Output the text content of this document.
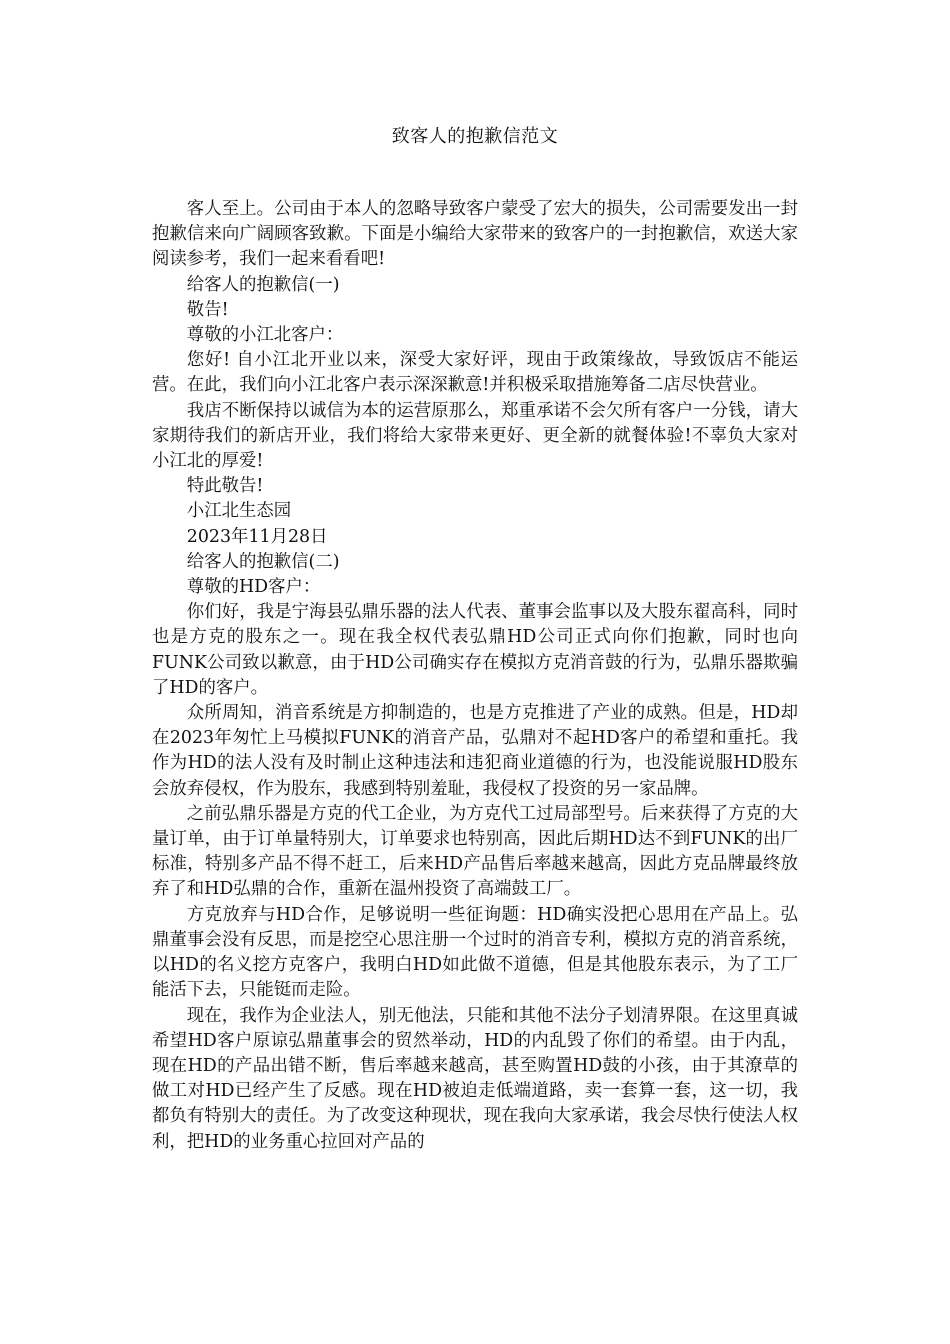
致客人的抱歉信范文

客人至上。公司由于本人的忽略导致客户蒙受了宏大的损失，公司需要发出一封抱歉信来向广阔顾客致歉。下面是小编给大家带来的致客户的一封抱歉信，欢送大家阅读参考，我们一起来看看吧!

给客人的抱歉信(一)

敬告!

尊敬的小江北客户：

您好! 自小江北开业以来，深受大家好评，现由于政策缘故，导致饭店不能运营。在此，我们向小江北客户表示深深歉意!并积极采取措施筹备二店尽快营业。

我店不断保持以诚信为本的运营原那么，郑重承诺不会欠所有客户一分钱，请大家期待我们的新店开业，我们将给大家带来更好、更全新的就餐体验!不辜负大家对小江北的厚爱!

特此敬告!

小江北生态园

2023年11月28日

给客人的抱歉信(二)

尊敬的HD客户：

你们好，我是宁海县弘鼎乐器的法人代表、董事会监事以及大股东翟高科，同时也是方克的股东之一。现在我全权代表弘鼎HD公司正式向你们抱歉，同时也向FUNK公司致以歉意，由于HD公司确实存在模拟方克消音鼓的行为，弘鼎乐器欺骗了HD的客户。

众所周知，消音系统是方抑制造的，也是方克推进了产业的成熟。但是，HD却在2023年匆忙上马模拟FUNK的消音产品，弘鼎对不起HD客户的希望和重托。我作为HD的法人没有及时制止这种违法和违犯商业道德的行为，也没能说服HD股东会放弃侵权，作为股东，我感到特别羞耻，我侵权了投资的另一家品牌。

之前弘鼎乐器是方克的代工企业，为方克代工过局部型号。后来获得了方克的大量订单，由于订单量特别大，订单要求也特别高，因此后期HD达不到FUNK的出厂标准，特别多产品不得不赶工，后来HD产品售后率越来越高，因此方克品牌最终放弃了和HD弘鼎的合作，重新在温州投资了高端鼓工厂。

方克放弃与HD合作，足够说明一些征询题：HD确实没把心思用在产品上。弘鼎董事会没有反思，而是挖空心思注册一个过时的消音专利，模拟方克的消音系统，以HD的名义挖方克客户，我明白HD如此做不道德，但是其他股东表示，为了工厂能活下去，只能铤而走险。

现在，我作为企业法人，别无他法，只能和其他不法分子划清界限。在这里真诚希望HD客户原谅弘鼎董事会的贸然举动，HD的内乱毁了你们的希望。由于内乱，现在HD的产品出错不断，售后率越来越高，甚至购置HD鼓的小孩，由于其潦草的做工对HD已经产生了反感。现在HD被迫走低端道路，卖一套算一套，这一切，我都负有特别大的责任。为了改变这种现状，现在我向大家承诺，我会尽快行使法人权利，把HD的业务重心拉回对产品的
